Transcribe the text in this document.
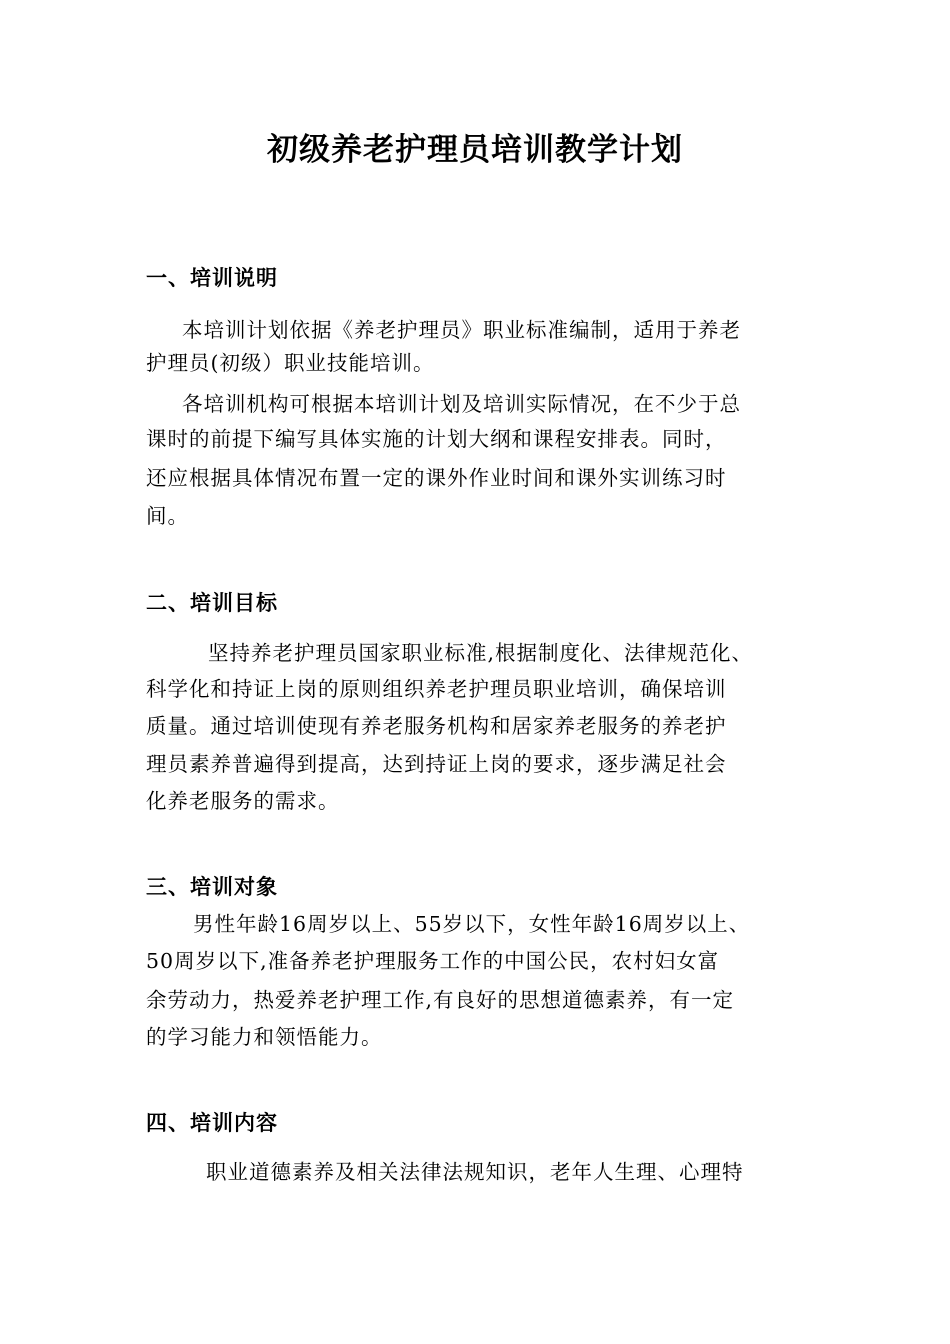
初级养老护理员培训教学计划
一、培训说明
本培训计划依据《养老护理员》职业标准编制，适用于养老
护理员(初级）职业技能培训。
各培训机构可根据本培训计划及培训实际情况，在不少于总
课时的前提下编写具体实施的计划大纲和课程安排表。同时，
还应根据具体情况布置一定的课外作业时间和课外实训练习时
间。
二、培训目标
坚持养老护理员国家职业标准,根据制度化、法律规范化、
科学化和持证上岗的原则组织养老护理员职业培训，确保培训
质量。通过培训使现有养老服务机构和居家养老服务的养老护
理员素养普遍得到提高，达到持证上岗的要求，逐步满足社会
化养老服务的需求。
三、培训对象
男性年龄16周岁以上、55岁以下，女性年龄16周岁以上、
50周岁以下,准备养老护理服务工作的中国公民，农村妇女富
余劳动力，热爱养老护理工作,有良好的思想道德素养，有一定
的学习能力和领悟能力。
四、培训内容
职业道德素养及相关法律法规知识，老年人生理、心理特
